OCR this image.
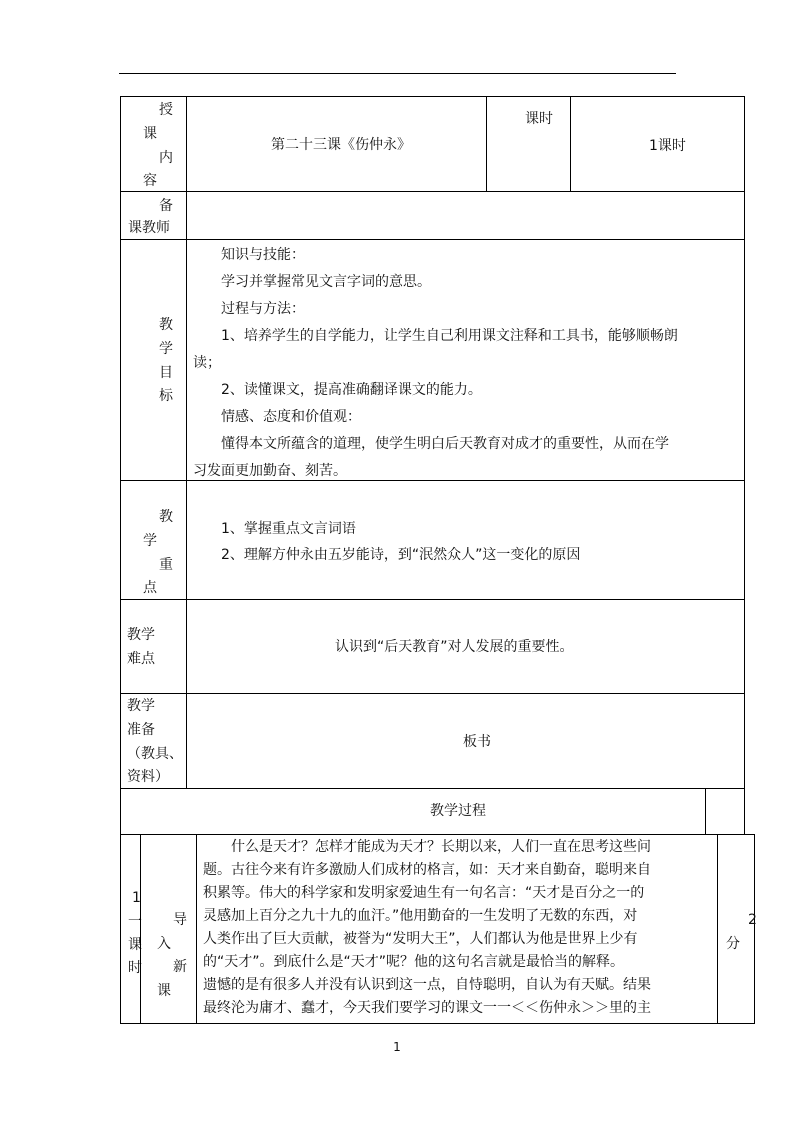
授
课
内
容
第二十三课《伤仲永》
课时
1课时
备
课教师
教
学
目
标
知识与技能：
学习并掌握常见文言字词的意思。
过程与方法：
1、培养学生的自学能力，让学生自己利用课文注释和工具书，能够顺畅朗
读；
2、读懂课文，提高准确翻译课文的能力。
情感、态度和价值观：
懂得本文所蕴含的道理，使学生明白后天教育对成才的重要性，从而在学
习发面更加勤奋、刻苦。
教
学
重
点
1、掌握重点文言词语
2、理解方仲永由五岁能诗，到“泯然众人”这一变化的原因
教学
难点
认识到“后天教育”对人发展的重要性。
教学
准备
（教具、
资料）
板书
教学过程
1
一
课
时
导
入
新
课
什么是天才？怎样才能成为天才？长期以来，人们一直在思考这些问
题。古往今来有许多激励人们成材的格言，如：天才来自勤奋，聪明来自
积累等。伟大的科学家和发明家爱迪生有一句名言：“天才是百分之一的
灵感加上百分之九十九的血汗。”他用勤奋的一生发明了无数的东西，对
人类作出了巨大贡献，被誉为“发明大王”，人们都认为他是世界上少有
的“天才”。到底什么是“天才”呢？他的这句名言就是最恰当的解释。
遗憾的是有很多人并没有认识到这一点，自恃聪明，自认为有天赋。结果
最终沦为庸才、蠢才，今天我们要学习的课文一一＜＜伤仲永＞＞里的主
2
分
1
